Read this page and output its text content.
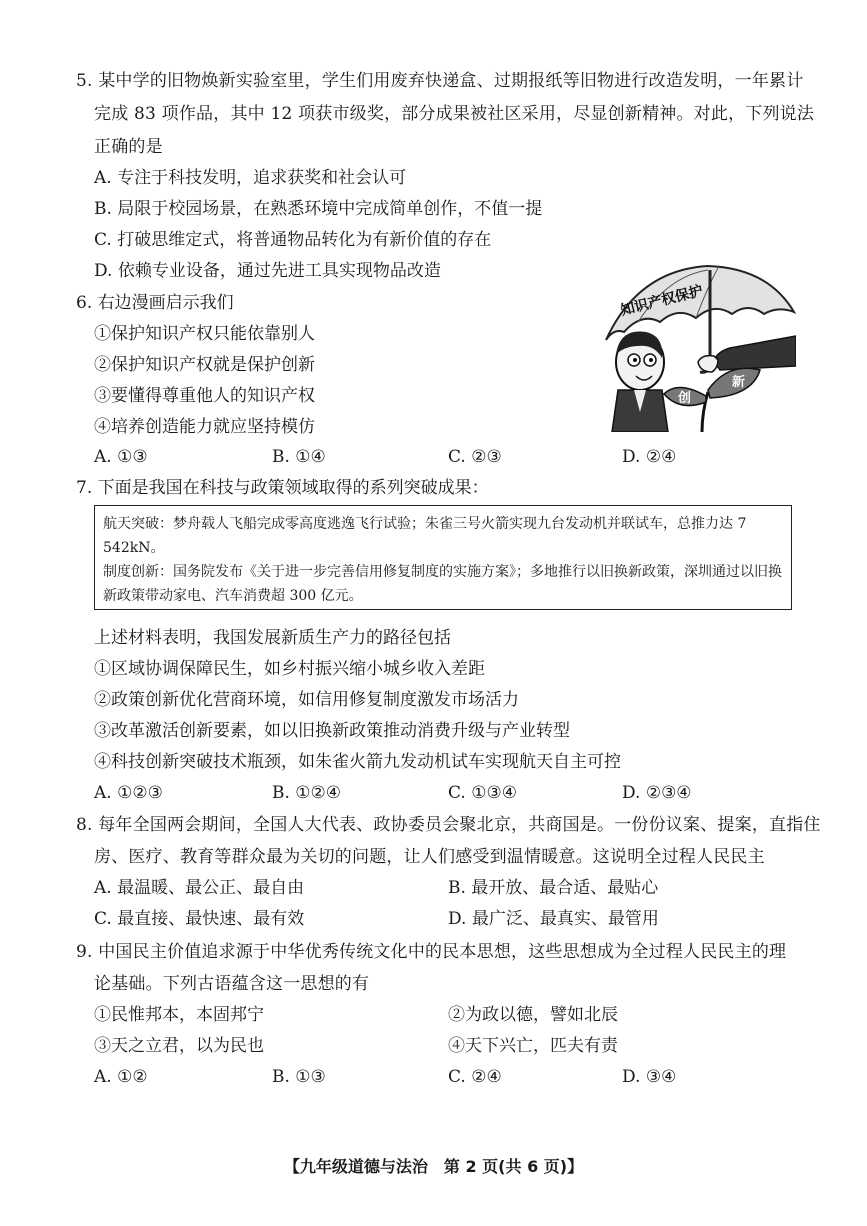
5. 某中学的旧物焕新实验室里，学生们用废弃快递盒、过期报纸等旧物进行改造发明，一年累计
完成 83 项作品，其中 12 项获市级奖，部分成果被社区采用，尽显创新精神。对此，下列说法
正确的是
A. 专注于科技发明，追求获奖和社会认可
B. 局限于校园场景，在熟悉环境中完成简单创作，不值一提
C. 打破思维定式，将普通物品转化为有新价值的存在
D. 依赖专业设备，通过先进工具实现物品改造
6. 右边漫画启示我们
①保护知识产权只能依靠别人
②保护知识产权就是保护创新
③要懂得尊重他人的知识产权
④培养创造能力就应坚持模仿
A. ①③	B. ①④	C. ②③	D. ②④
知识产权保护
创
新
7. 下面是我国在科技与政策领域取得的系列突破成果：
航天突破：梦舟载人飞船完成零高度逃逸飞行试验；朱雀三号火箭实现九台发动机并联试车，总推力达 7 542kN。
制度创新：国务院发布《关于进一步完善信用修复制度的实施方案》；多地推行以旧换新政策，深圳通过以旧换新政策带动家电、汽车消费超 300 亿元。
上述材料表明，我国发展新质生产力的路径包括
①区域协调保障民生，如乡村振兴缩小城乡收入差距
②政策创新优化营商环境，如信用修复制度激发市场活力
③改革激活创新要素，如以旧换新政策推动消费升级与产业转型
④科技创新突破技术瓶颈，如朱雀火箭九发动机试车实现航天自主可控
A. ①②③	B. ①②④	C. ①③④	D. ②③④
8. 每年全国两会期间，全国人大代表、政协委员会聚北京，共商国是。一份份议案、提案，直指住
房、医疗、教育等群众最为关切的问题，让人们感受到温情暖意。这说明全过程人民民主
A. 最温暖、最公正、最自由	B. 最开放、最合适、最贴心
C. 最直接、最快速、最有效	D. 最广泛、最真实、最管用
9. 中国民主价值追求源于中华优秀传统文化中的民本思想，这些思想成为全过程人民民主的理
论基础。下列古语蕴含这一思想的有
①民惟邦本，本固邦宁	②为政以德，譬如北辰
③天之立君，以为民也	④天下兴亡，匹夫有责
A. ①②	B. ①③	C. ②④	D. ③④
【九年级道德与法治　第 2 页(共 6 页)】
